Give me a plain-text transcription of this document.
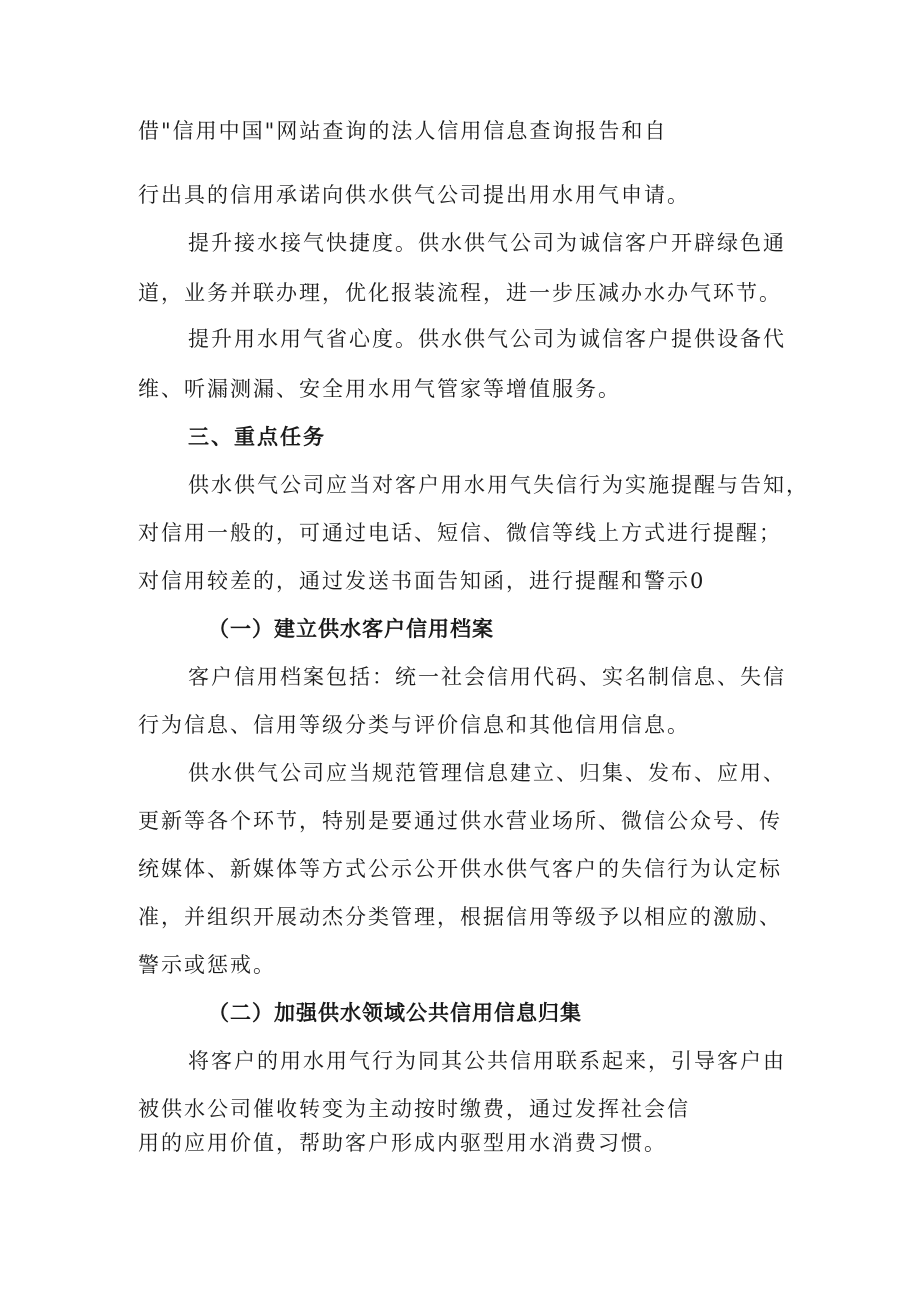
借"信用中国"网站查询的法人信用信息查询报告和自
行出具的信用承诺向供水供气公司提出用水用气申请。
提升接水接气快捷度。供水供气公司为诚信客户开辟绿色通
道，业务并联办理，优化报装流程，进一步压减办水办气环节。
提升用水用气省心度。供水供气公司为诚信客户提供设备代
维、听漏测漏、安全用水用气管家等增值服务。
三、重点任务
供水供气公司应当对客户用水用气失信行为实施提醒与告知，
对信用一般的，可通过电话、短信、微信等线上方式进行提醒；
对信用较差的，通过发送书面告知函，进行提醒和警示0
（一）建立供水客户信用档案
客户信用档案包括：统一社会信用代码、实名制信息、失信
行为信息、信用等级分类与评价信息和其他信用信息。
供水供气公司应当规范管理信息建立、归集、发布、应用、
更新等各个环节，特别是要通过供水营业场所、微信公众号、传
统媒体、新媒体等方式公示公开供水供气客户的失信行为认定标
准，并组织开展动杰分类管理，根据信用等级予以相应的激励、
警示或惩戒。
（二）加强供水领域公共信用信息归集
将客户的用水用气行为同其公共信用联系起来，引导客户由
被供水公司催收转变为主动按时缴费，通过发挥社会信
用的应用价值，帮助客户形成内驱型用水消费习惯。
